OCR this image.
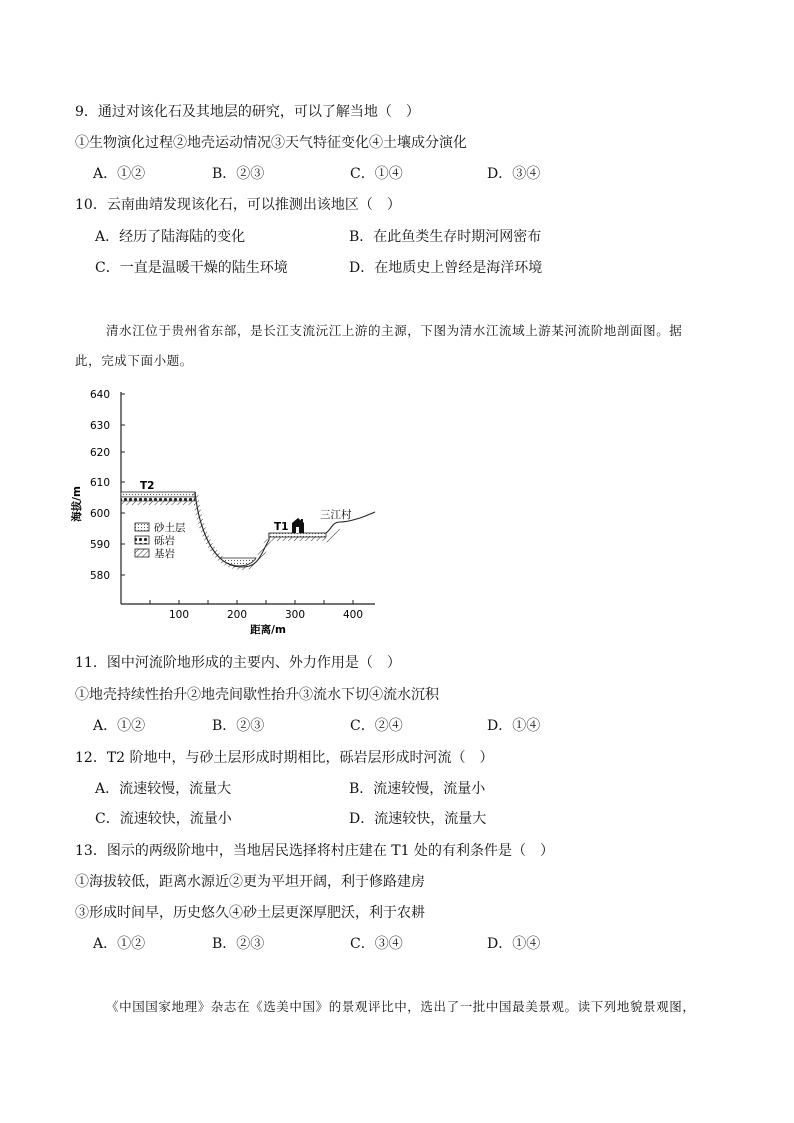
9．通过对该化石及其地层的研究，可以了解当地（　）
①生物演化过程②地壳运动情况③天气特征变化④土壤成分演化
A．①②	B．②③	C．①④	D．③④
10．云南曲靖发现该化石，可以推测出该地区（　）
A．经历了陆海陆的变化	B．在此鱼类生存时期河网密布
C．一直是温暖干燥的陆生环境	D．在地质史上曾经是海洋环境
清水江位于贵州省东部，是长江支流沅江上游的主源，下图为清水江流域上游某河流阶地剖面图。据
此，完成下面小题。
640
630
620
610
600
590
580
海拔/m
100	200	300	400
距离/m
T2
T1
三江村
砂土层
砾岩
基岩
11．图中河流阶地形成的主要内、外力作用是（　）
①地壳持续性抬升②地壳间歇性抬升③流水下切④流水沉积
A．①②	B．②③	C．②④	D．①④
12．T2 阶地中，与砂土层形成时期相比，砾岩层形成时河流（　）
A．流速较慢，流量大	B．流速较慢，流量小
C．流速较快，流量小	D．流速较快，流量大
13．图示的两级阶地中，当地居民选择将村庄建在 T1 处的有利条件是（　）
①海拔较低，距离水源近②更为平坦开阔，利于修路建房
③形成时间早，历史悠久④砂土层更深厚肥沃，利于农耕
A．①②	B．②③	C．③④	D．①④
《中国国家地理》杂志在《选美中国》的景观评比中，选出了一批中国最美景观。读下列地貌景观图，
